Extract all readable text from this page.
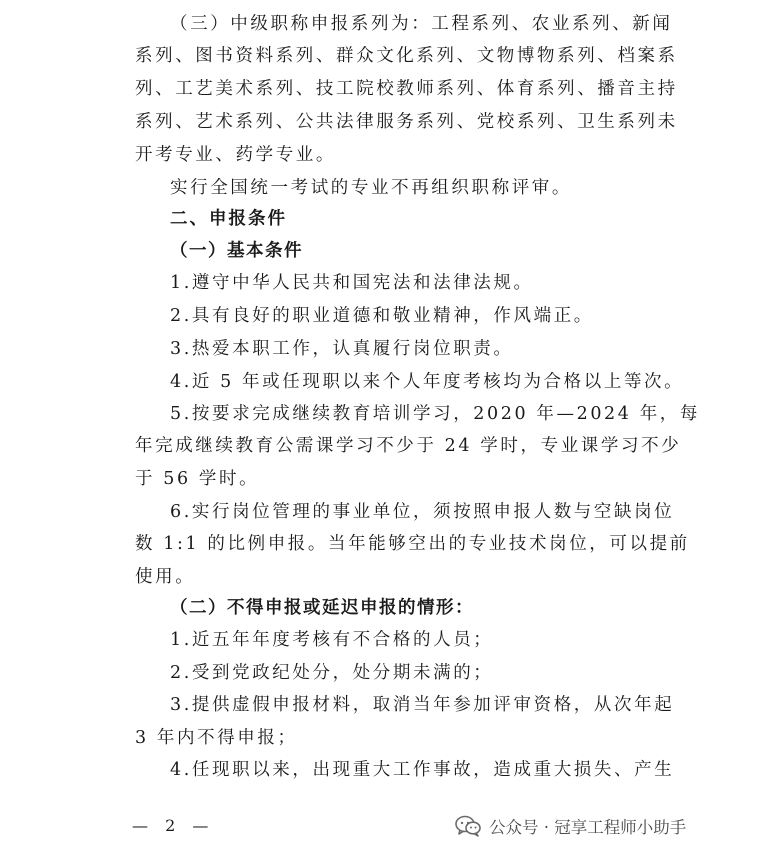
（三）中级职称申报系列为：工程系列、农业系列、新闻
系列、图书资料系列、群众文化系列、文物博物系列、档案系
列、工艺美术系列、技工院校教师系列、体育系列、播音主持
系列、艺术系列、公共法律服务系列、党校系列、卫生系列未
开考专业、药学专业。
实行全国统一考试的专业不再组织职称评审。
二、申报条件
（一）基本条件
1.遵守中华人民共和国宪法和法律法规。
2.具有良好的职业道德和敬业精神，作风端正。
3.热爱本职工作，认真履行岗位职责。
4.近 5 年或任现职以来个人年度考核均为合格以上等次。
5.按要求完成继续教育培训学习，2020 年—2024 年，每
年完成继续教育公需课学习不少于 24 学时，专业课学习不少
于 56 学时。
6.实行岗位管理的事业单位，须按照申报人数与空缺岗位
数 1:1 的比例申报。当年能够空出的专业技术岗位，可以提前
使用。
（二）不得申报或延迟申报的情形：
1.近五年年度考核有不合格的人员；
2.受到党政纪处分，处分期未满的；
3.提供虚假申报材料，取消当年参加评审资格，从次年起
3 年内不得申报；
4.任现职以来，出现重大工作事故，造成重大损失、产生
— 2 —	公众号 · 冠享工程师小助手
